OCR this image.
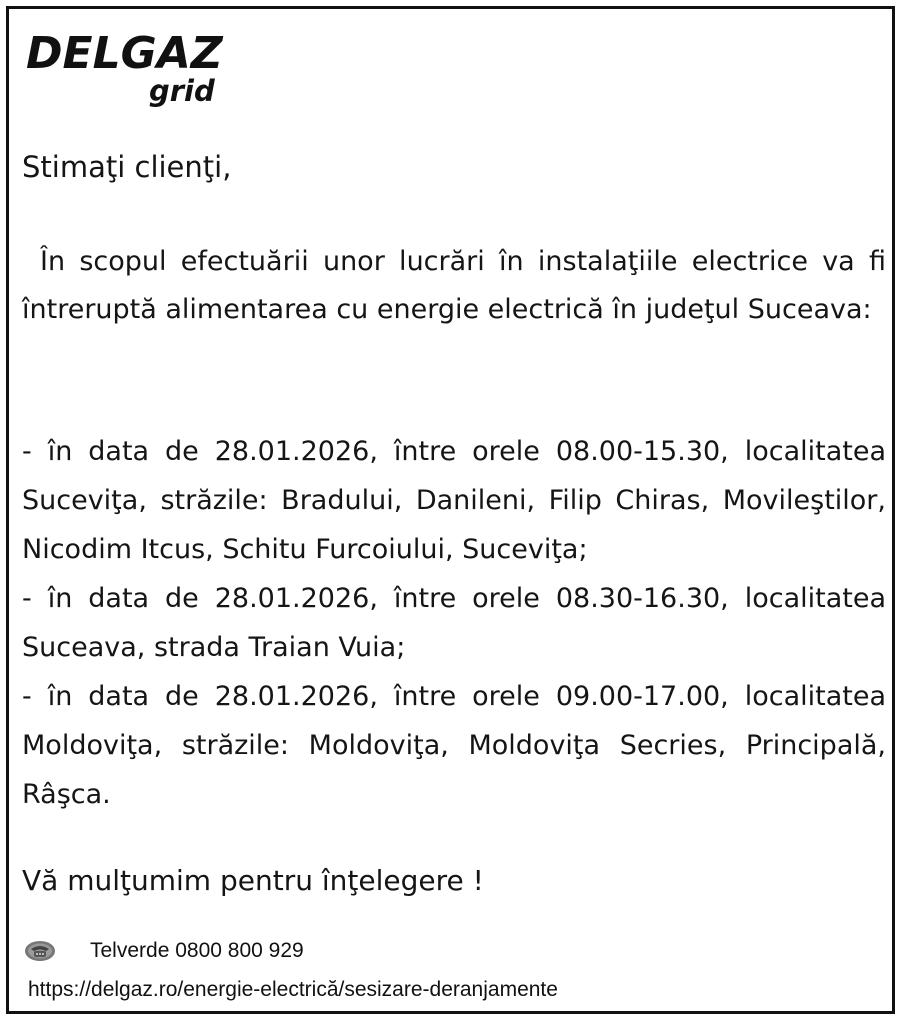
DELGAZ
grid
Stimaţi clienţi,
În scopul efectuării unor lucrări în instalaţiile electrice va fi întreruptă alimentarea cu energie electrică în judeţul Suceava:
- în data de 28.01.2026, între orele 08.00-15.30, localitatea Suceviţa, străzile: Bradului, Danileni, Filip Chiras, Movileştilor, Nicodim Itcus, Schitu Furcoiului, Suceviţa;
- în data de 28.01.2026, între orele 08.30-16.30, localitatea Suceava, strada Traian Vuia;
- în data de 28.01.2026, între orele 09.00-17.00, localitatea Moldoviţa, străzile: Moldoviţa, Moldoviţa Secries, Principală, Râşca.
Vă mulţumim pentru înţelegere !
Telverde 0800 800 929
https://delgaz.ro/energie-electrică/sesizare-deranjamente
